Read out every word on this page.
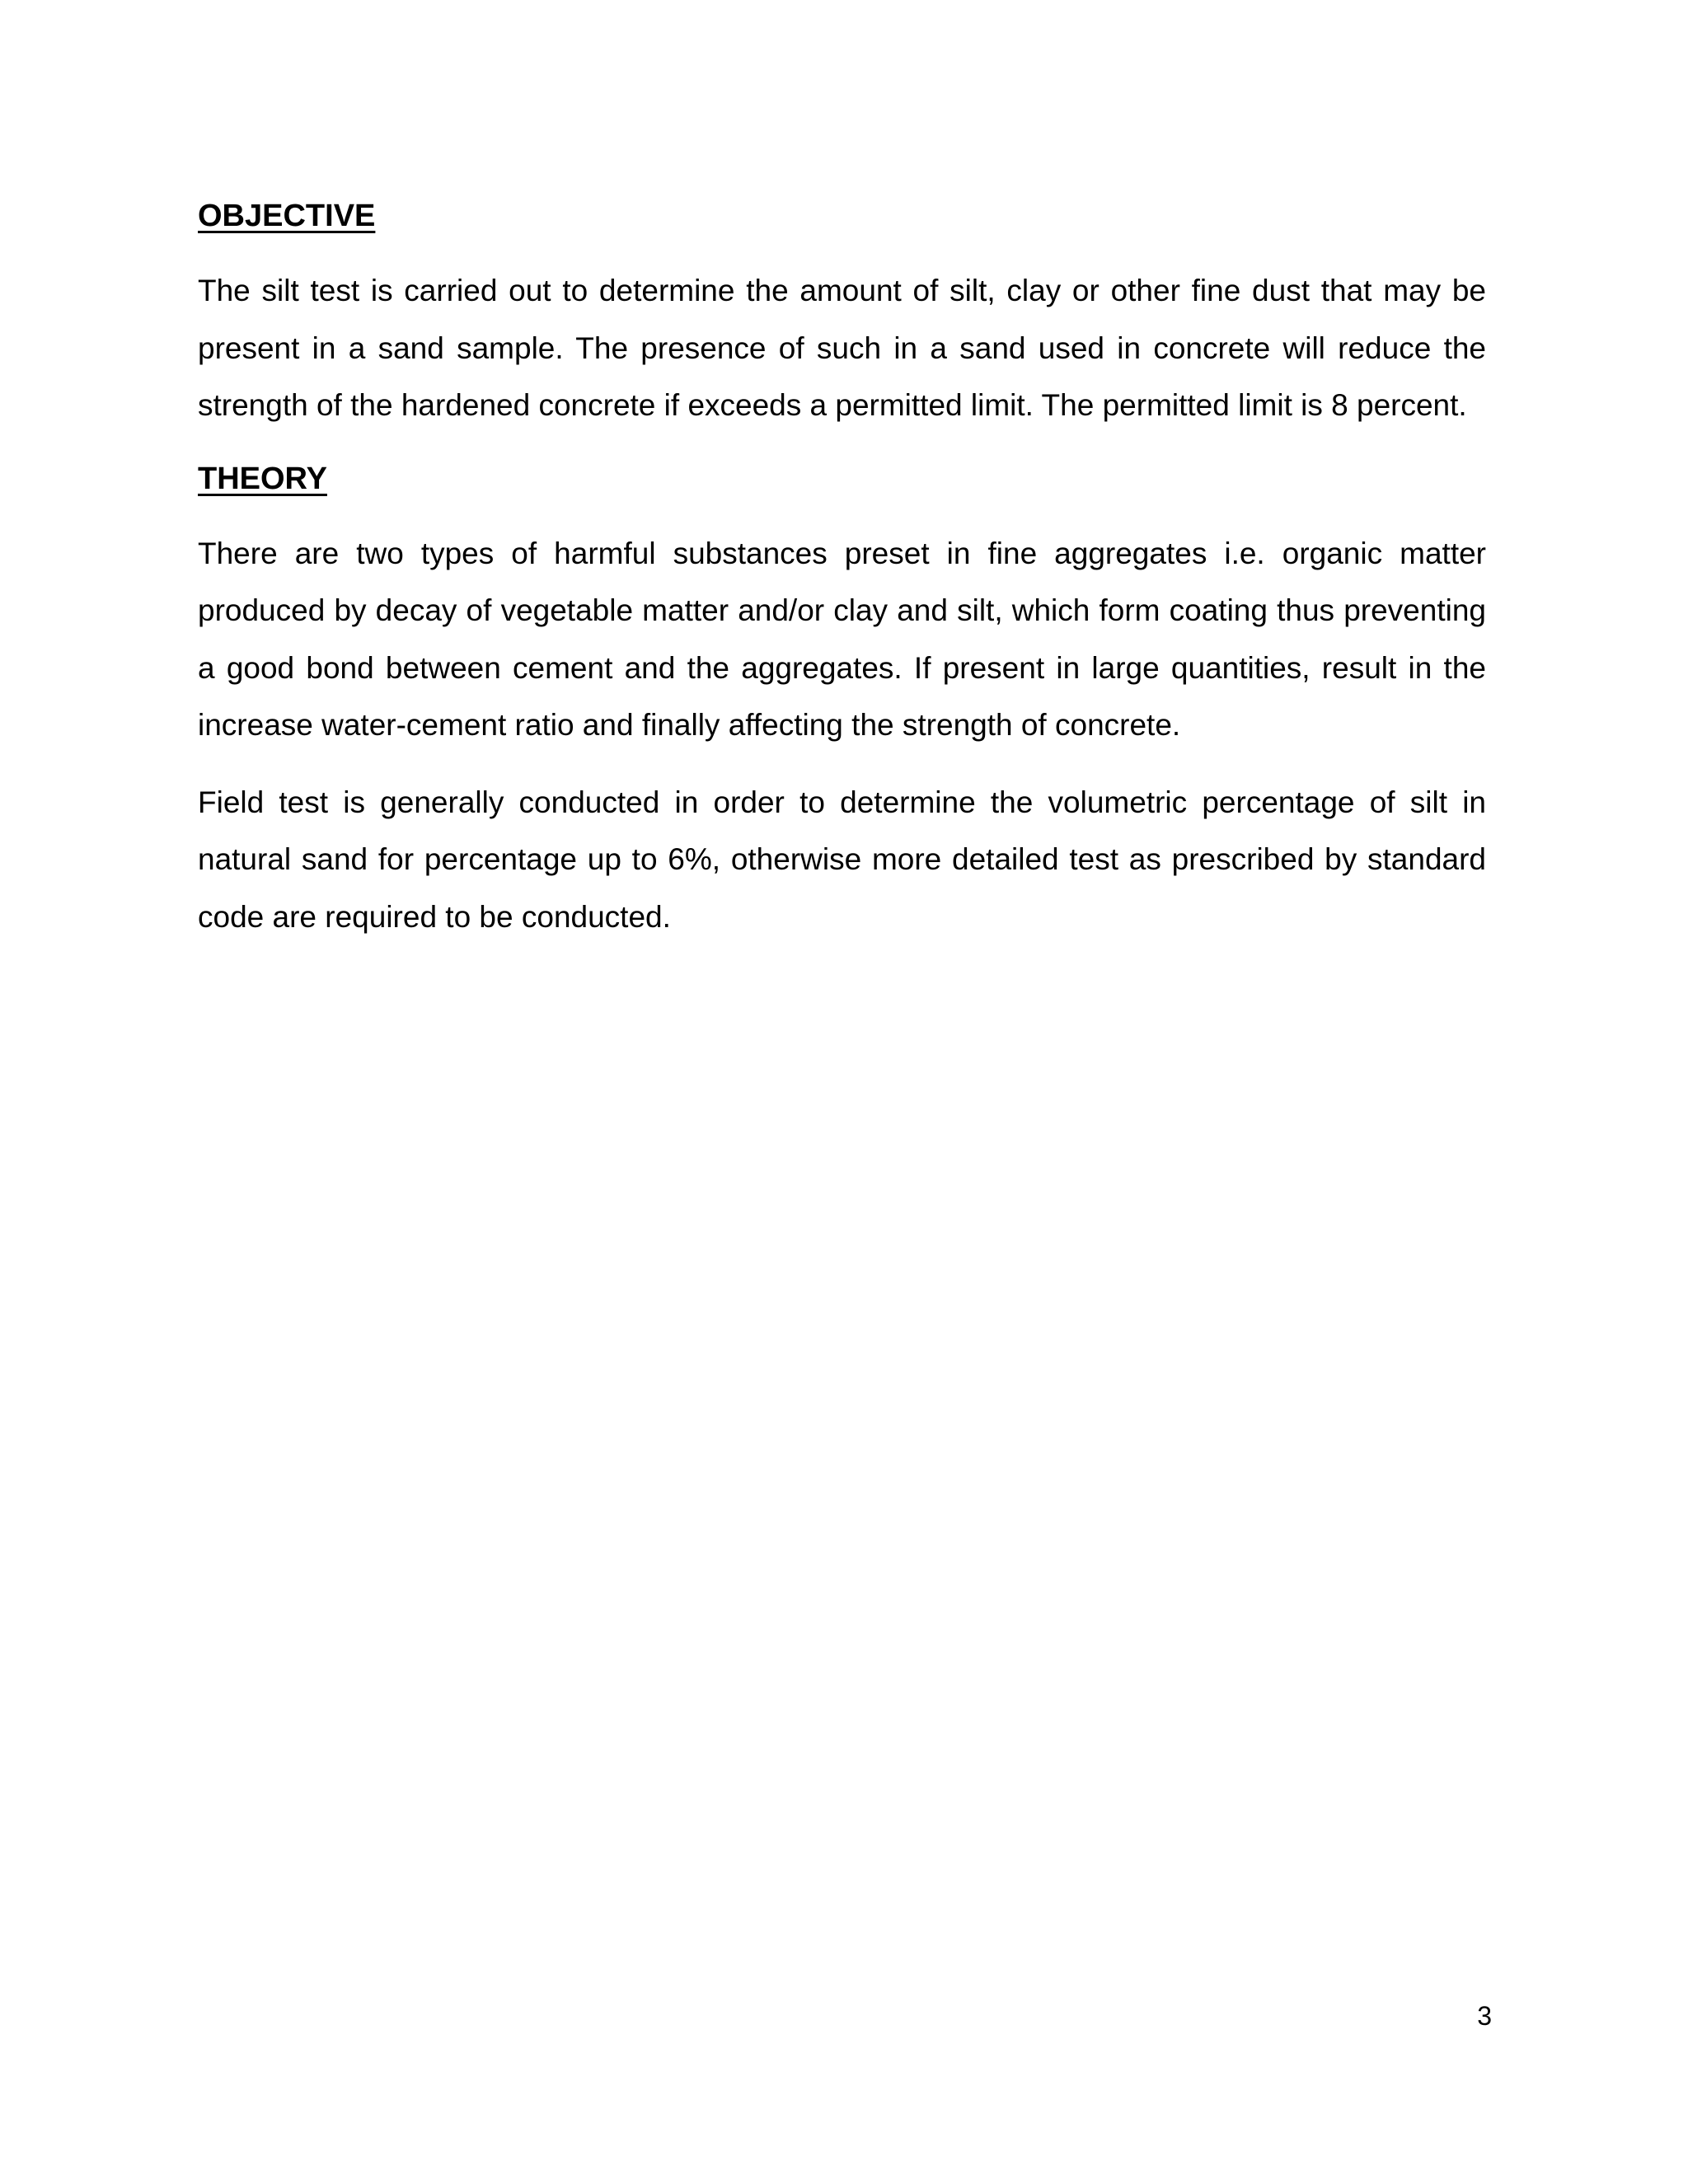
OBJECTIVE

The silt test is carried out to determine the amount of silt, clay or other fine dust that may be present in a sand sample. The presence of such in a sand used in concrete will reduce the strength of the hardened concrete if exceeds a permitted limit. The permitted limit is 8 percent.

THEORY

There are two types of harmful substances preset in fine aggregates i.e. organic matter produced by decay of vegetable matter and/or clay and silt, which form coating thus preventing a good bond between cement and the aggregates. If present in large quantities, result in the increase water-cement ratio and finally affecting the strength of concrete.

Field test is generally conducted in order to determine the volumetric percentage of silt in natural sand for percentage up to 6%, otherwise more detailed test as prescribed by standard code are required to be conducted.

3
